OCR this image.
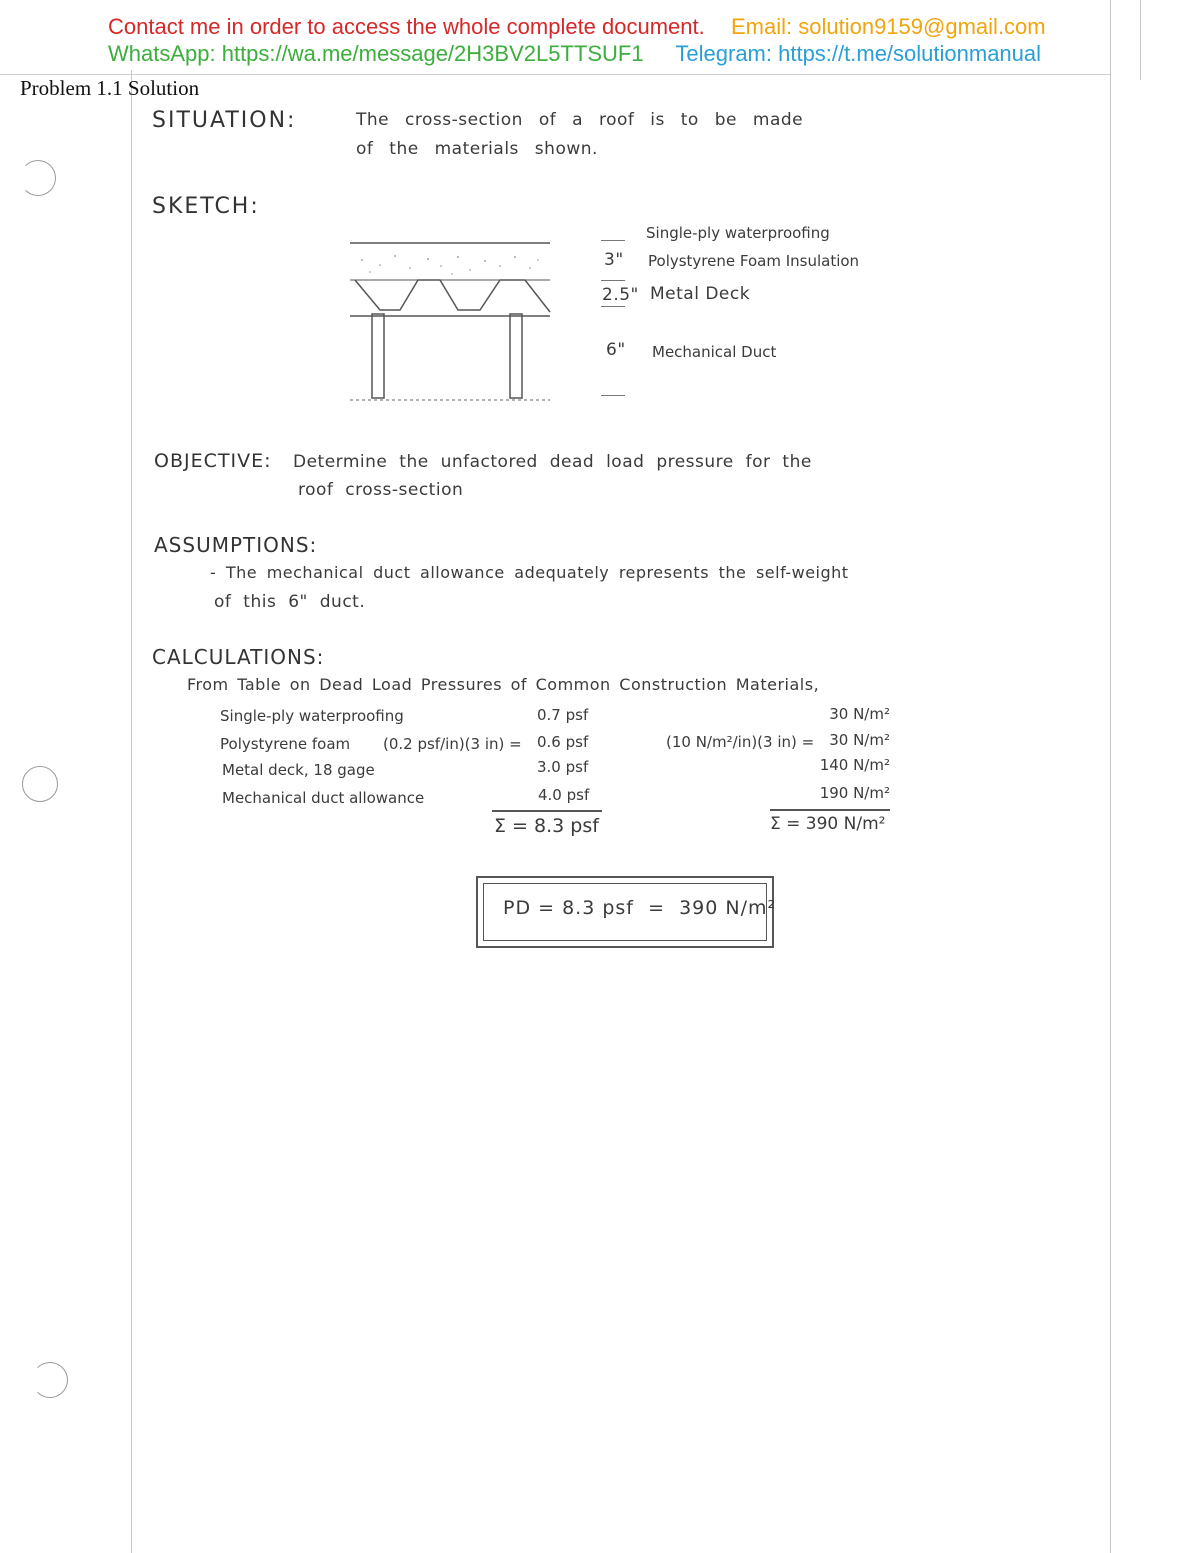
Contact me in order to access the whole complete document. Email: solution9159@gmail.com
WhatsApp: https://wa.me/message/2H3BV2L5TTSUF1 Telegram: https://t.me/solutionmanual
Problem 1.1 Solution
SITUATION:	The cross-section of a roof is to be made
of the materials shown.
SKETCH:
Single-ply waterproofing
3" Polystyrene Foam Insulation
2.5" Metal Deck
6" Mechanical Duct
OBJECTIVE: Determine the unfactored dead load pressure for the
roof cross-section
ASSUMPTIONS:
- The mechanical duct allowance adequately represents the self-weight
of this 6" duct.
CALCULATIONS:
From Table on Dead Load Pressures of Common Construction Materials,
Single-ply waterproofing	0.7 psf	30 N/m²
Polystyrene foam (0.2 psf/in)(3 in) = 0.6 psf	(10 N/m²/in)(3 in) = 30 N/m²
Metal deck, 18 gage	3.0 psf	140 N/m²
Mechanical duct allowance	4.0 psf	190 N/m²
Σ = 8.3 psf	Σ = 390 N/m²
PD = 8.3 psf  =  390 N/m²
